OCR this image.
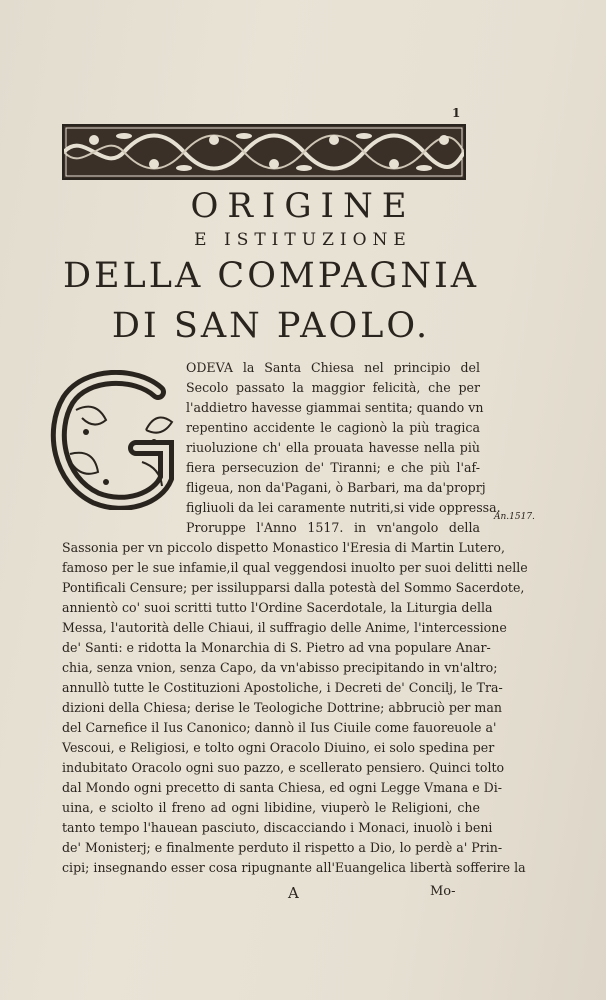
1
ORIGINE
E ISTITUZIONE
DELLA COMPAGNIA
DI SAN PAOLO.
ODEVA la Santa Chiesa nel principio del
Secolo passato la maggior felicità, che per
l'addietro havesse giammai sentita; quando vn
repentino accidente le cagionò la più tragica
riuoluzione ch' ella prouata havesse nella più
fiera persecuzion de' Tiranni; e che più l'af-
fligeua, non da'Pagani, ò Barbari, ma da'proprj
figliuoli da lei caramente nutriti,si vide oppressa.
Proruppe l'Anno 1517. in vn'angolo della
An.1517.
Sassonia per vn piccolo dispetto Monastico l'Eresia di Martin Lutero,
famoso per le sue infamie,il qual veggendosi inuolto per suoi delitti nelle
Pontificali Censure; per issilupparsi dalla potestà del Sommo Sacerdote,
annientò co' suoi scritti tutto l'Ordine Sacerdotale, la Liturgia della
Messa, l'autorità delle Chiaui, il suffragio delle Anime, l'intercessione
de' Santi: e ridotta la Monarchia di S. Pietro ad vna populare Anar-
chia, senza vnion, senza Capo, da vn'abisso precipitando in vn'altro;
annullò tutte le Costituzioni Apostoliche, i Decreti de' Concilj, le Tra-
dizioni della Chiesa; derise le Teologiche Dottrine; abbruciò per man
del Carnefice il Ius Canonico; dannò il Ius Ciuile come fauoreuole a'
Vescoui, e Religiosi, e tolto ogni Oracolo Diuino, ei solo spedina per
indubitato Oracolo ogni suo pazzo, e scellerato pensiero. Quinci tolto
dal Mondo ogni precetto di santa Chiesa, ed ogni Legge Vmana e Di-
uina, e sciolto il freno ad ogni libidine, viuperò le Religioni, che
tanto tempo l'hauean pasciuto, discacciando i Monaci, inuolò i beni
de' Monisterj; e finalmente perduto il rispetto a Dio, lo perdè a' Prin-
cipi; insegnando esser cosa ripugnante all'Euangelica libertà sofferire la
A	Mo-
